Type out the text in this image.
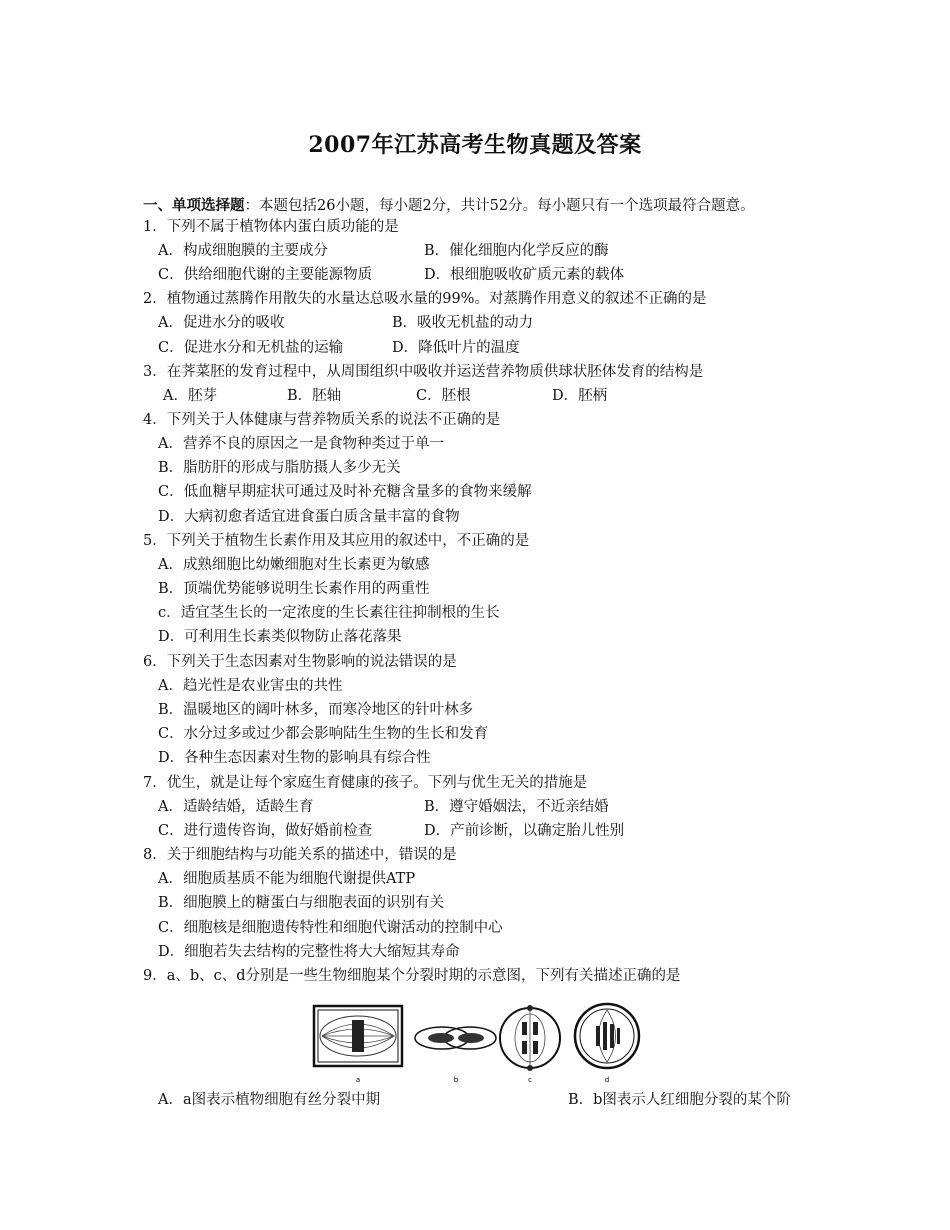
2007年江苏高考生物真题及答案
一、单项选择题：本题包括26小题，每小题2分，共计52分。每小题只有一个选项最符合题意。
1．下列不属于植物体内蛋白质功能的是
A．构成细胞膜的主要成分	B．催化细胞内化学反应的酶
C．供给细胞代谢的主要能源物质	D．根细胞吸收矿质元素的载体
2．植物通过蒸腾作用散失的水量达总吸水量的99%。对蒸腾作用意义的叙述不正确的是
A．促进水分的吸收	B．吸收无机盐的动力
C．促进水分和无机盐的运输	D．降低叶片的温度
3．在荠菜胚的发育过程中，从周围组织中吸收并运送营养物质供球状胚体发育的结构是
A．胚芽	B．胚轴	C．胚根	D．胚柄
4．下列关于人体健康与营养物质关系的说法不正确的是
A．营养不良的原因之一是食物种类过于单一
B．脂肪肝的形成与脂肪摄人多少无关
C．低血糖早期症状可通过及时补充糖含量多的食物来缓解
D．大病初愈者适宜进食蛋白质含量丰富的食物
5．下列关于植物生长素作用及其应用的叙述中，不正确的是
A．成熟细胞比幼嫩细胞对生长素更为敏感
B．顶端优势能够说明生长素作用的两重性
c．适宜茎生长的一定浓度的生长素往往抑制根的生长
D．可利用生长素类似物防止落花落果
6．下列关于生态因素对生物影响的说法错误的是
A．趋光性是农业害虫的共性
B．温暖地区的阔叶林多，而寒冷地区的针叶林多
C．水分过多或过少都会影响陆生生物的生长和发育
D．各种生态因素对生物的影响具有综合性
7．优生，就是让每个家庭生育健康的孩子。下列与优生无关的措施是
A．适龄结婚，适龄生育	B．遵守婚姻法，不近亲结婚
C．进行遗传咨询，做好婚前检查	D．产前诊断，以确定胎儿性别
8．关于细胞结构与功能关系的描述中，错误的是
A．细胞质基质不能为细胞代谢提供ATP
B．细胞膜上的糖蛋白与细胞表面的识别有关
C．细胞核是细胞遗传特性和细胞代谢活动的控制中心
D．细胞若失去结构的完整性将大大缩短其寿命
9．a、b、c、d分别是一些生物细胞某个分裂时期的示意图，下列有关描述正确的是
a	b	c	d
A．a图表示植物细胞有丝分裂中期	B．b图表示人红细胞分裂的某个阶
